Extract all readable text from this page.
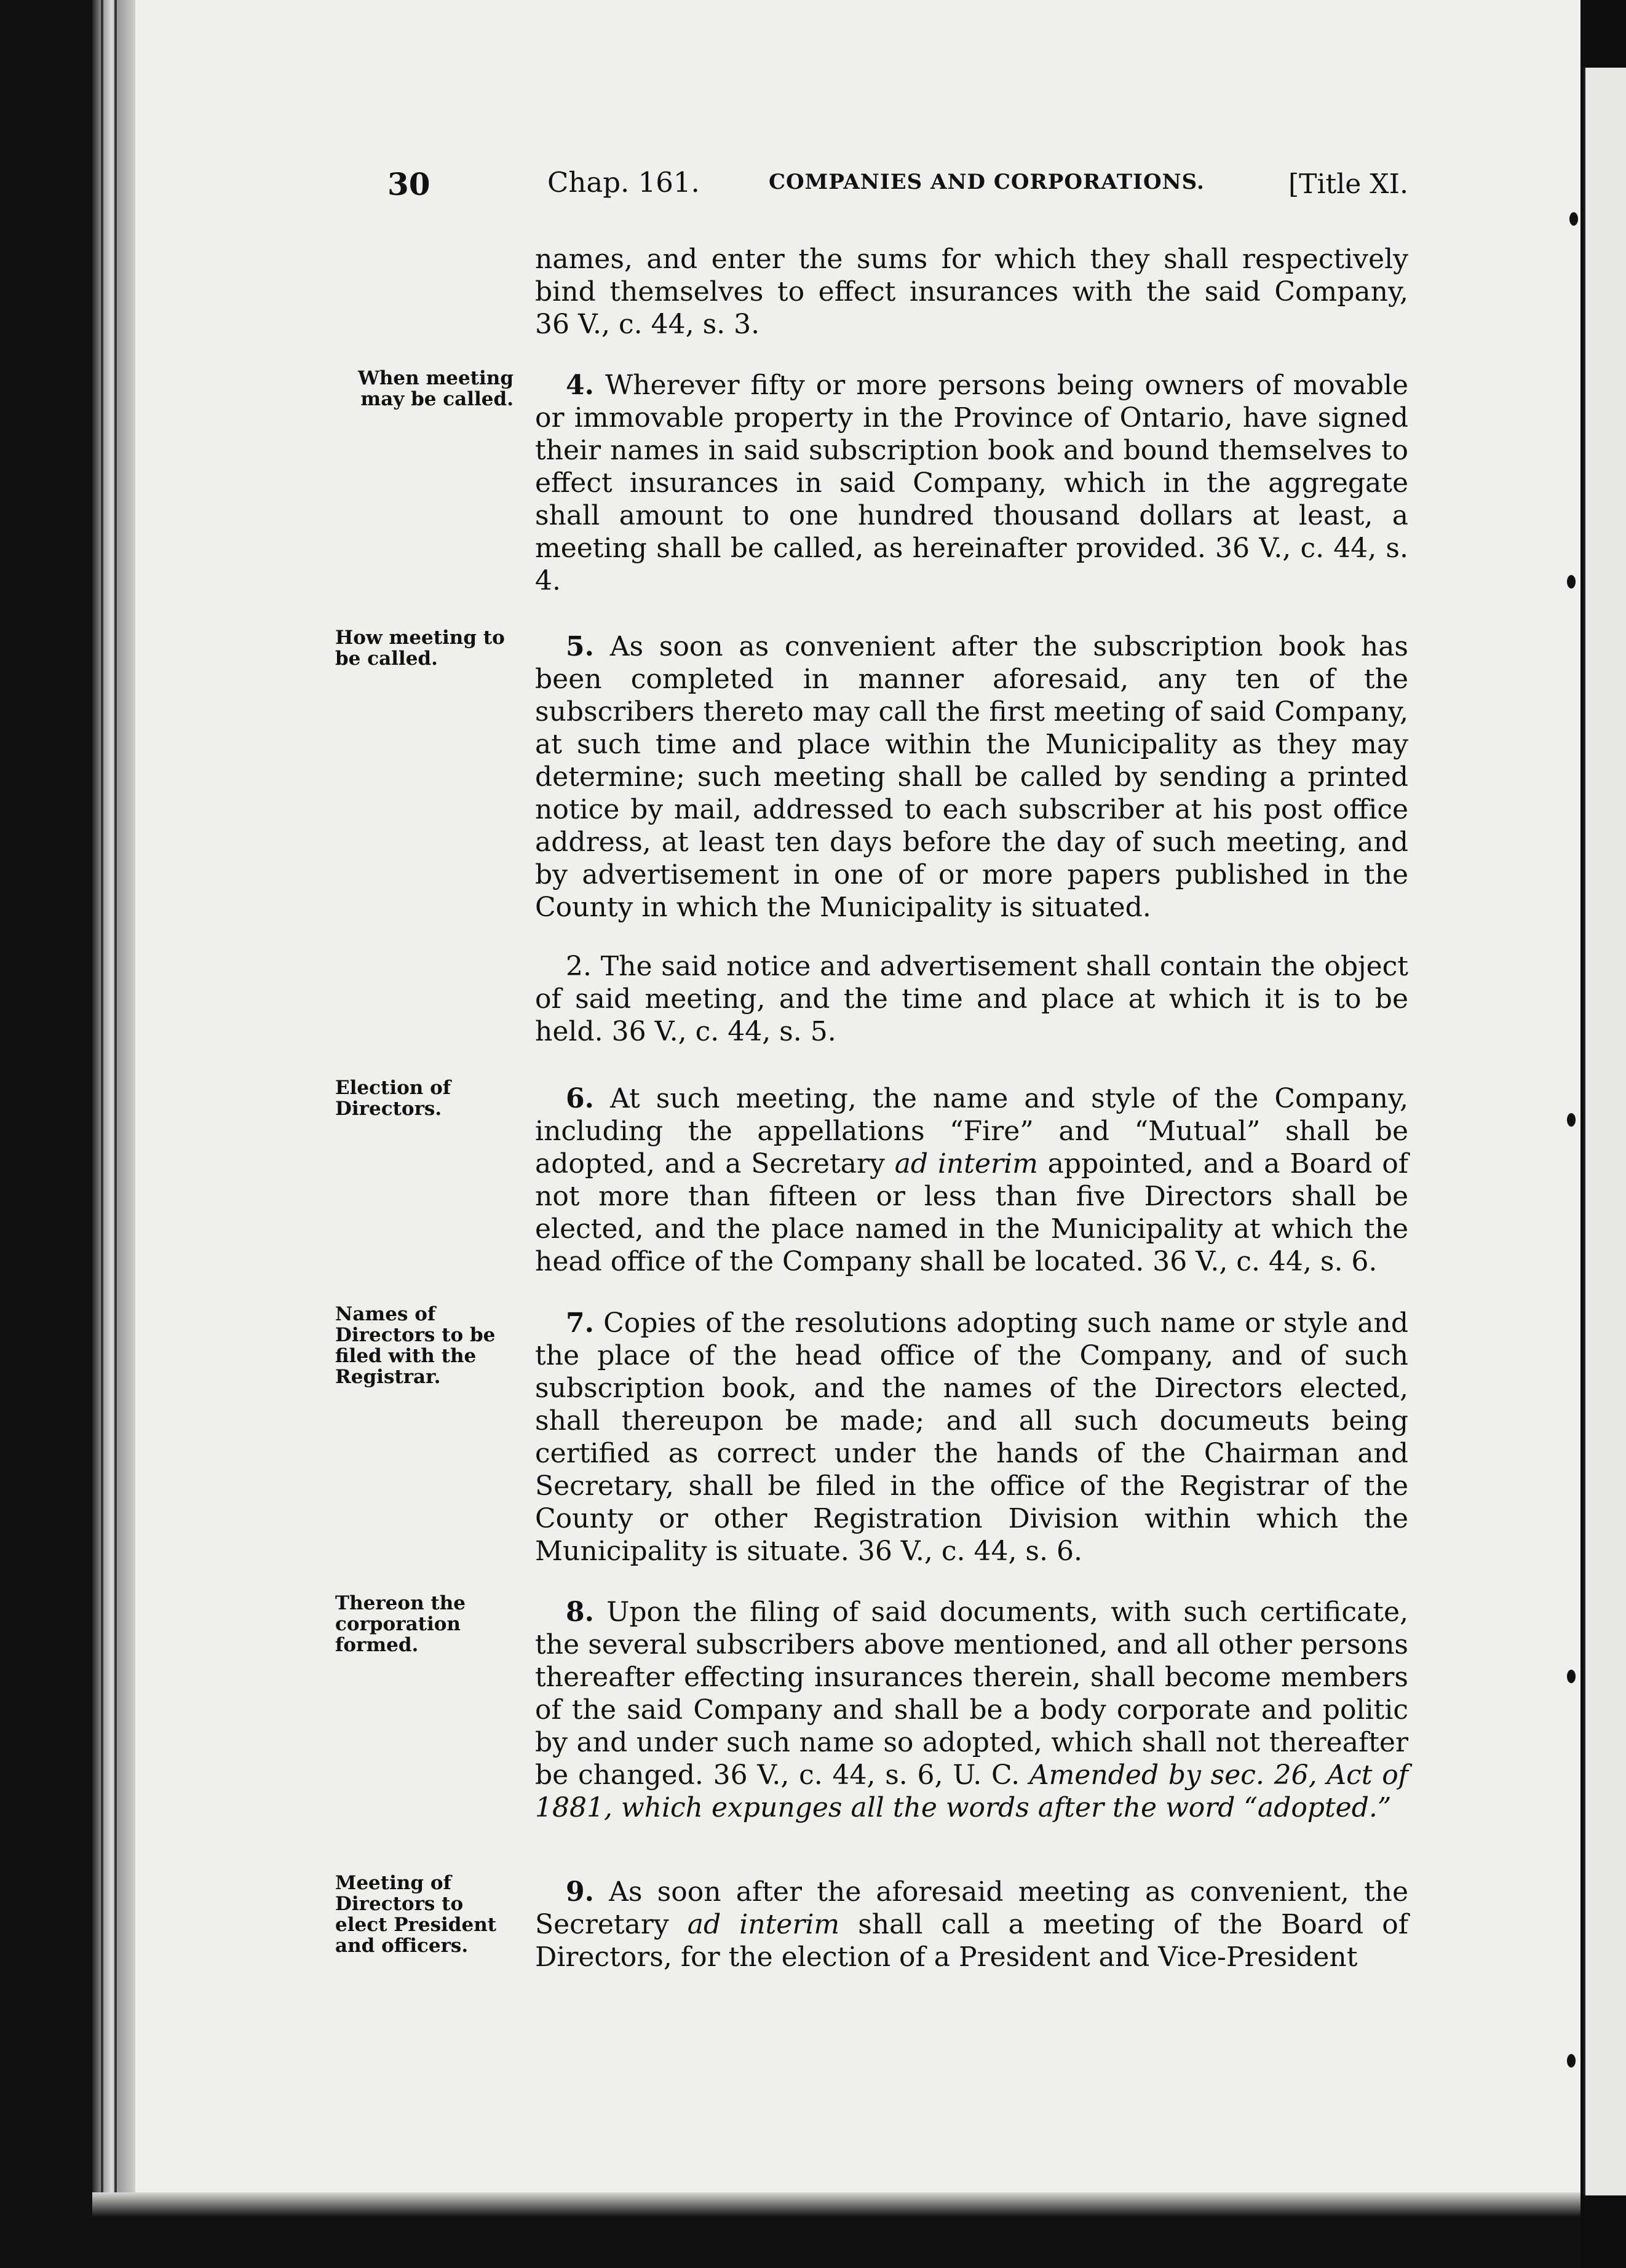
30	Chap. 161.	COMPANIES AND CORPORATIONS.	[Title XI.

names, and enter the sums for which they shall respectively bind themselves to effect insurances with the said Company, 36 V., c. 44, s. 3.

When meeting may be called.	4. Wherever fifty or more persons being owners of movable or immovable property in the Province of Ontario, have signed their names in said subscription book and bound themselves to effect insurances in said Company, which in the aggregate shall amount to one hundred thousand dollars at least, a meeting shall be called, as hereinafter provided. 36 V., c. 44, s. 4.

How meeting to be called.	5. As soon as convenient after the subscription book has been completed in manner aforesaid, any ten of the subscribers thereto may call the first meeting of said Company, at such time and place within the Municipality as they may determine; such meeting shall be called by sending a printed notice by mail, addressed to each subscriber at his post office address, at least ten days before the day of such meeting, and by advertisement in one of or more papers published in the County in which the Municipality is situated.

2. The said notice and advertisement shall contain the object of said meeting, and the time and place at which it is to be held. 36 V., c. 44, s. 5.

Election of Directors.	6. At such meeting, the name and style of the Company, including the appellations “Fire” and “Mutual” shall be adopted, and a Secretary ad interim appointed, and a Board of not more than fifteen or less than five Directors shall be elected, and the place named in the Municipality at which the head office of the Company shall be located. 36 V., c. 44, s. 6.

Names of Directors to be filed with the Registrar.

7. Copies of the resolutions adopting such name or style and the place of the head office of the Company, and of such subscription book, and the names of the Directors elected, shall thereupon be made; and all such documeuts being certified as correct under the hands of the Chairman and Secretary, shall be filed in the office of the Registrar of the County or other Registration Division within which the Municipality is situate. 36 V., c. 44, s. 6.

Thereon the corporation formed.

8. Upon the filing of said documents, with such certificate, the several subscribers above mentioned, and all other persons thereafter effecting insurances therein, shall become members of the said Company and shall be a body corporate and politic by and under such name so adopted, which shall not thereafter be changed. 36 V., c. 44, s. 6, U. C. Amended by sec. 26, Act of 1881, which expunges all the words after the word “adopted.”

Meeting of Directors to elect President and officers.

9. As soon after the aforesaid meeting as convenient, the Secretary ad interim shall call a meeting of the Board of Directors, for the election of a President and Vice-President
